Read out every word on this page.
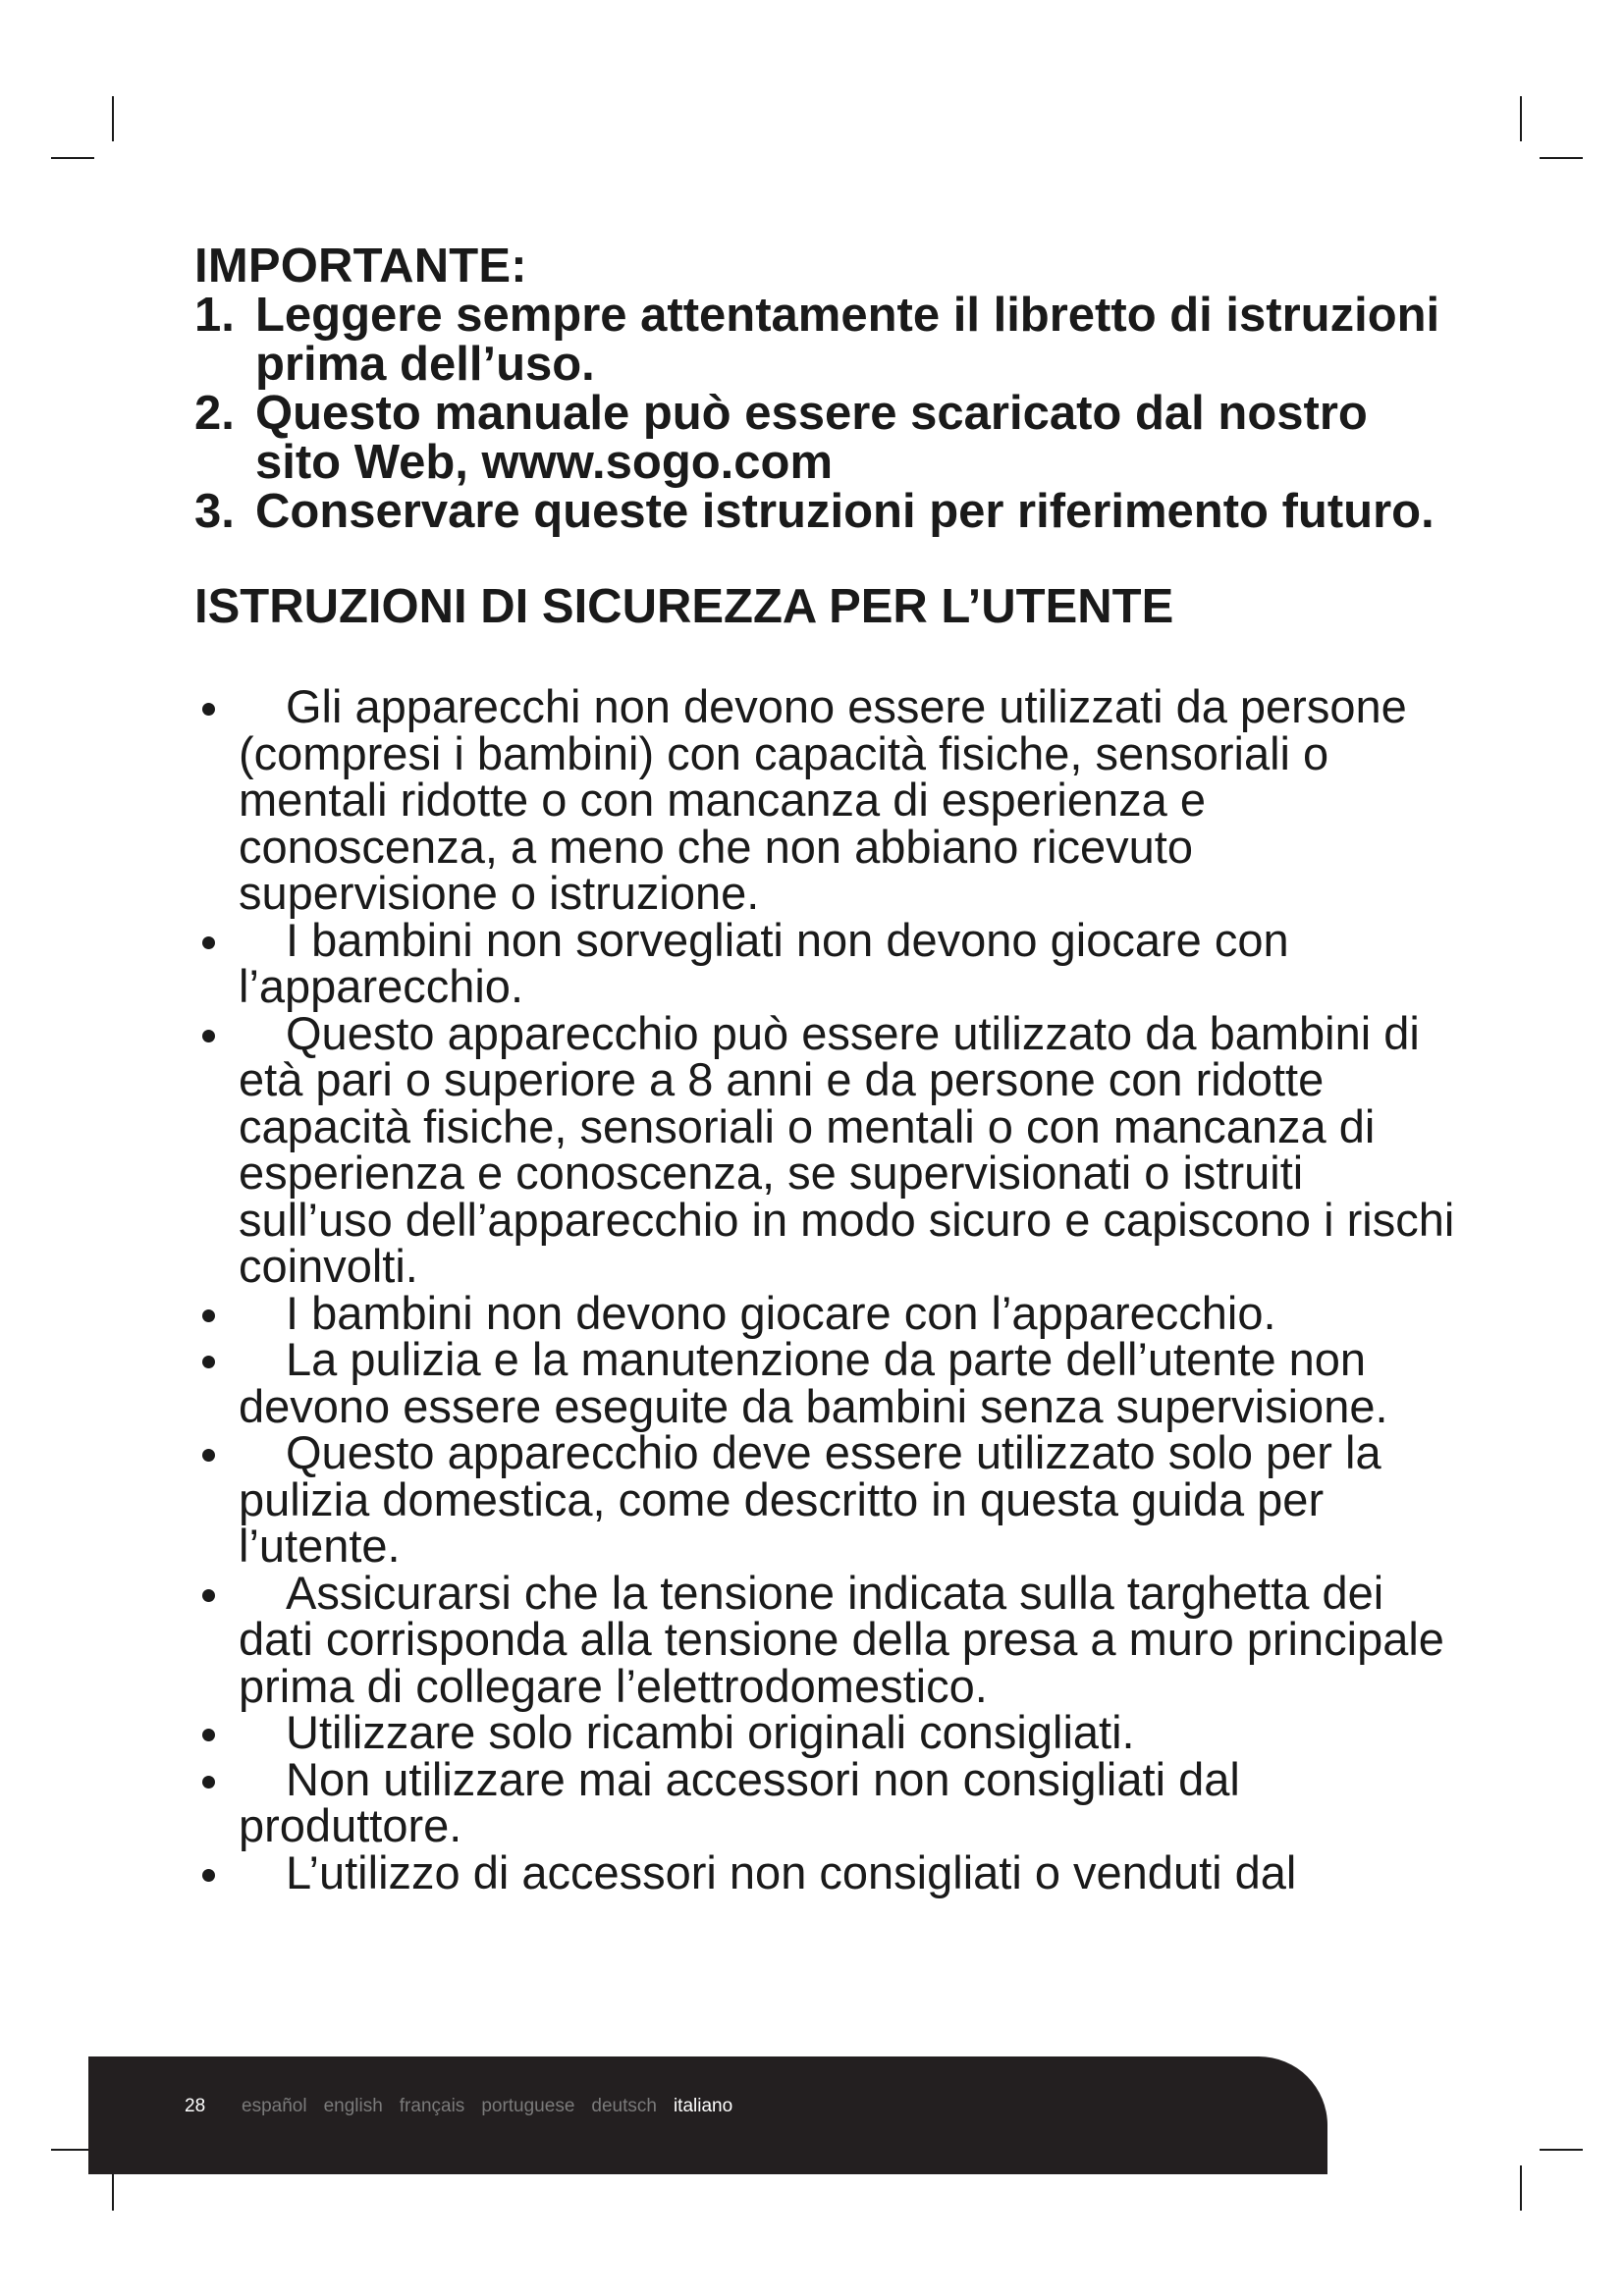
IMPORTANTE:
1. Leggere sempre attentamente il libretto di istruzioni prima dell’uso.
2. Questo manuale può essere scaricato dal nostro sito Web, www.sogo.com
3. Conservare queste istruzioni per riferimento futuro.
ISTRUZIONI DI SICUREZZA PER L’UTENTE
Gli apparecchi non devono essere utilizzati da persone (compresi i bambini) con capacità fisiche, sensoriali o mentali ridotte o con mancanza di esperienza e conoscenza, a meno che non abbiano ricevuto supervisione o istruzione.
I bambini non sorvegliati non devono giocare con l’apparecchio.
Questo apparecchio può essere utilizzato da bambini di età pari o superiore a 8 anni e da persone con ridotte capacità fisiche, sensoriali o mentali o con mancanza di esperienza e conoscenza, se supervisionati o istruiti sull’uso dell’apparecchio in modo sicuro e capiscono i rischi coinvolti.
I bambini non devono giocare con l’apparecchio.
La pulizia e la manutenzione da parte dell’utente non devono essere eseguite da bambini senza supervisione.
Questo apparecchio deve essere utilizzato solo per la pulizia domestica, come descritto in questa guida per l’utente.
Assicurarsi che la tensione indicata sulla targhetta dei dati corrisponda alla tensione della presa a muro principale prima di collegare l’elettrodomestico.
Utilizzare solo ricambi originali consigliati.
Non utilizzare mai accessori non consigliati dal produttore.
L’utilizzo di accessori non consigliati o venduti dal
28 español english français portuguese deutsch italiano
